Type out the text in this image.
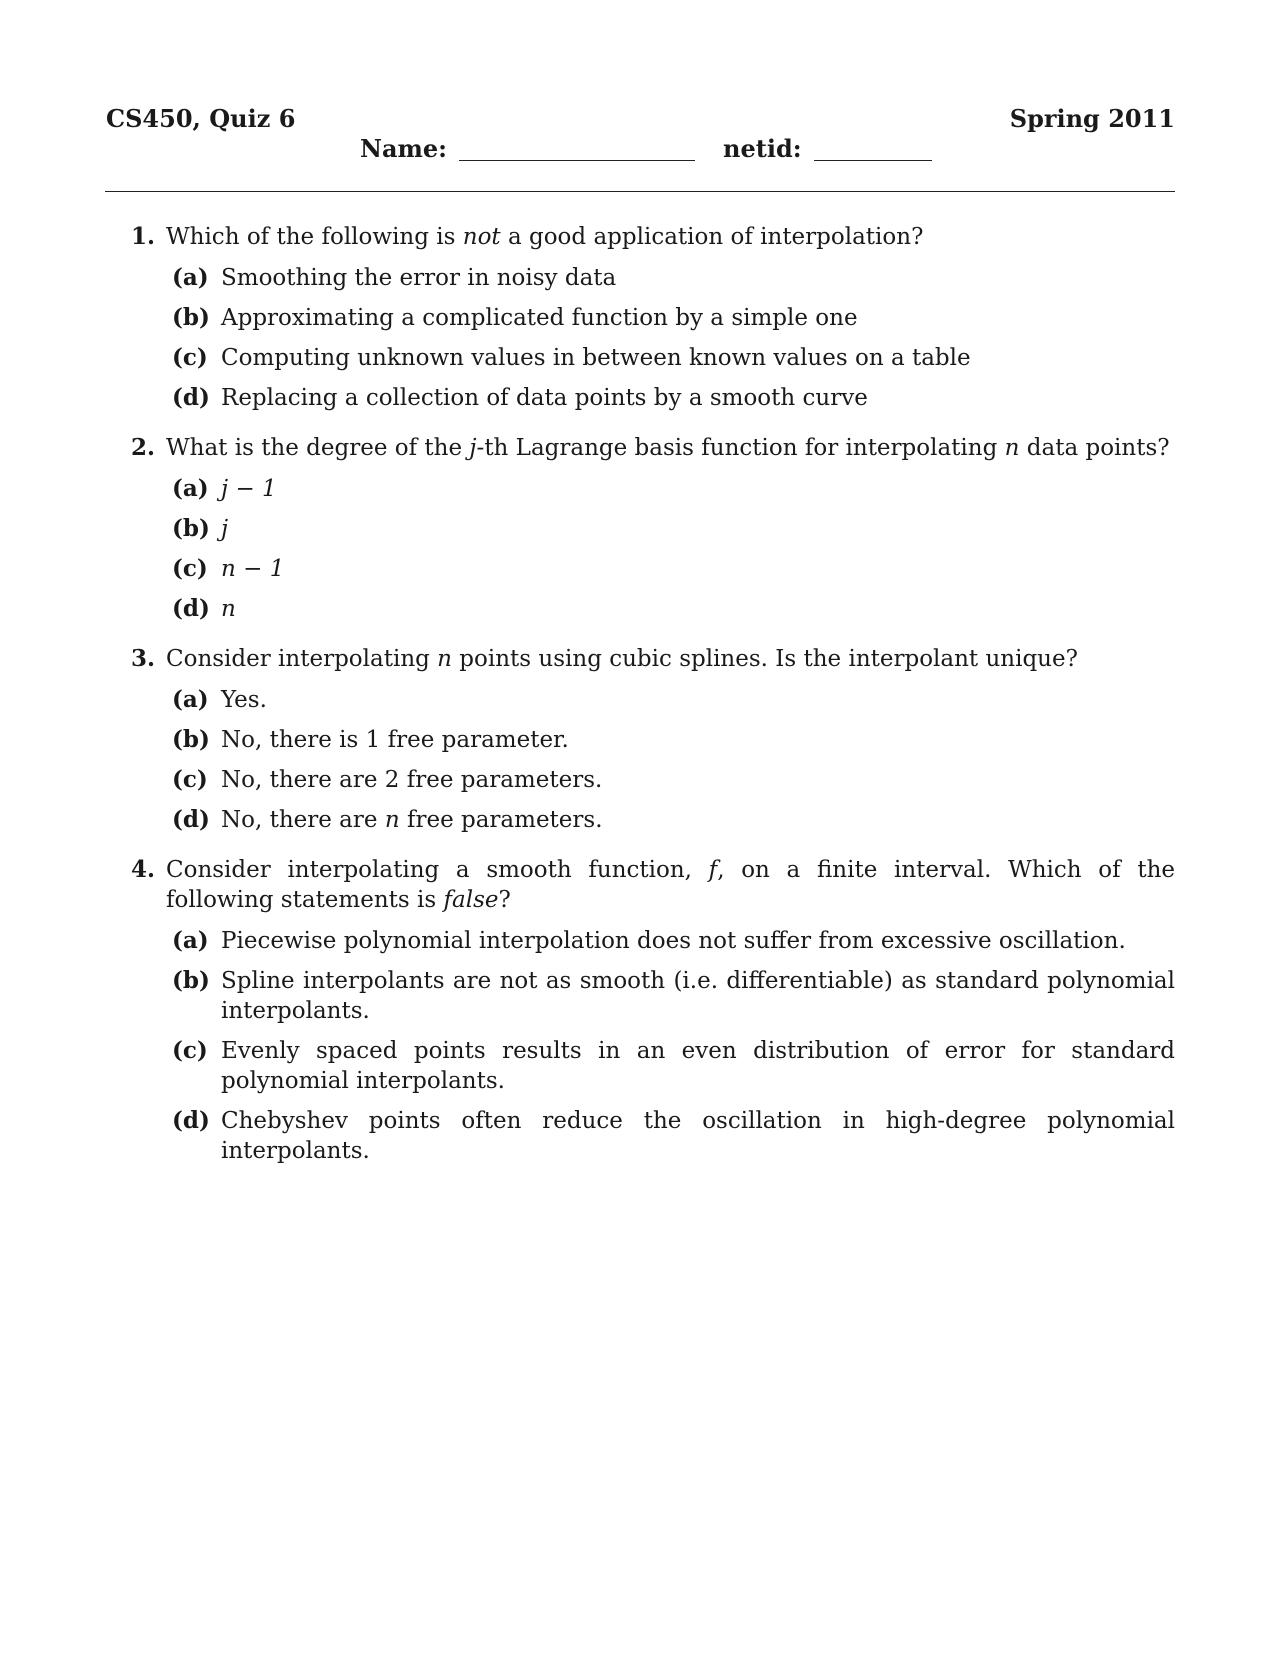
CS450, Quiz 6	Spring 2011
Name:	netid:
1. Which of the following is not a good application of interpolation?
(a) Smoothing the error in noisy data
(b) Approximating a complicated function by a simple one
(c) Computing unknown values in between known values on a table
(d) Replacing a collection of data points by a smooth curve
2. What is the degree of the j-th Lagrange basis function for interpolating n data points?
(a) j − 1
(b) j
(c) n − 1
(d) n
3. Consider interpolating n points using cubic splines. Is the interpolant unique?
(a) Yes.
(b) No, there is 1 free parameter.
(c) No, there are 2 free parameters.
(d) No, there are n free parameters.
4. Consider interpolating a smooth function, f, on a finite interval. Which of the following statements is false?
(a) Piecewise polynomial interpolation does not suffer from excessive oscillation.
(b) Spline interpolants are not as smooth (i.e. differentiable) as standard polynomial interpolants.
(c) Evenly spaced points results in an even distribution of error for standard polynomial interpolants.
(d) Chebyshev points often reduce the oscillation in high-degree polynomial interpolants.
